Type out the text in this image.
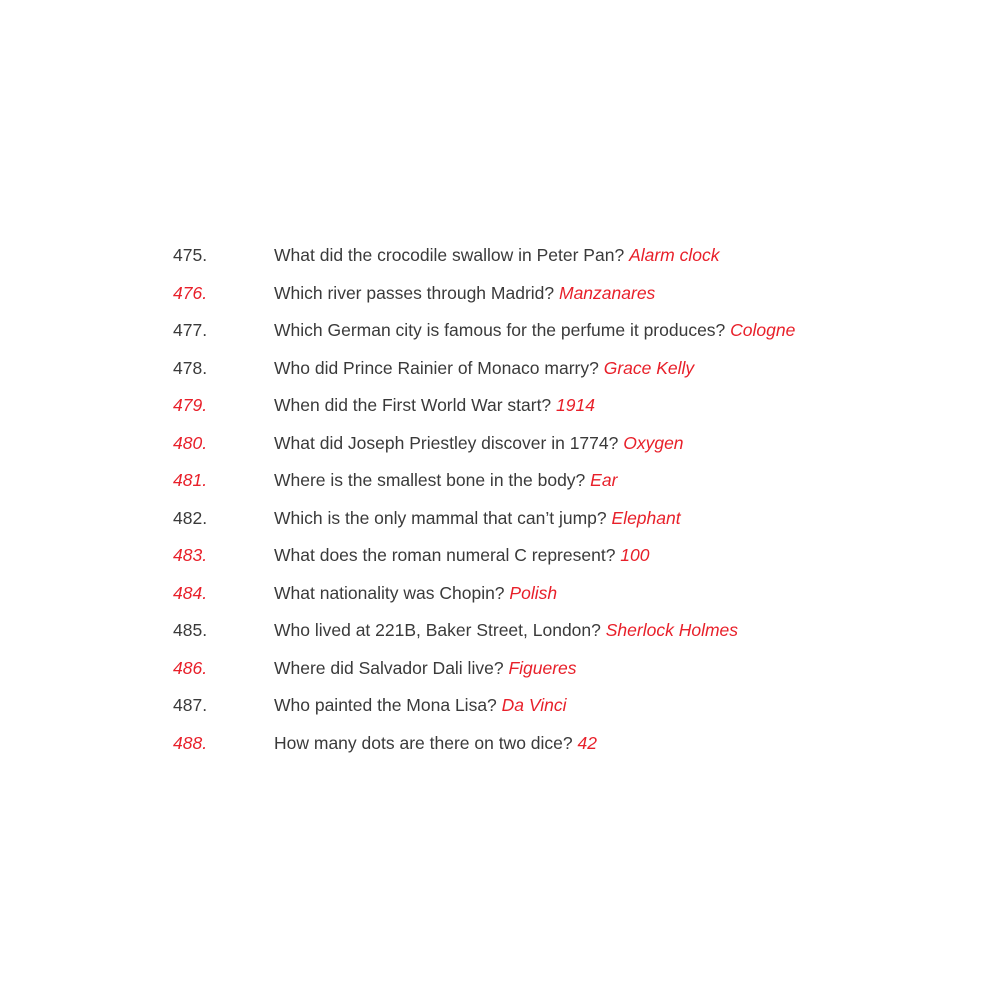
475.	What did the crocodile swallow in Peter Pan? Alarm clock
476.	Which river passes through Madrid? Manzanares
477.	Which German city is famous for the perfume it produces? Cologne
478.	Who did Prince Rainier of Monaco marry? Grace Kelly
479.	When did the First World War start? 1914
480.	What did Joseph Priestley discover in 1774? Oxygen
481.	Where is the smallest bone in the body? Ear
482.	Which is the only mammal that can’t jump? Elephant
483.	What does the roman numeral C represent? 100
484.	What nationality was Chopin? Polish
485.	Who lived at 221B, Baker Street, London? Sherlock Holmes
486.	Where did Salvador Dali live? Figueres
487.	Who painted the Mona Lisa? Da Vinci
488.	How many dots are there on two dice? 42
